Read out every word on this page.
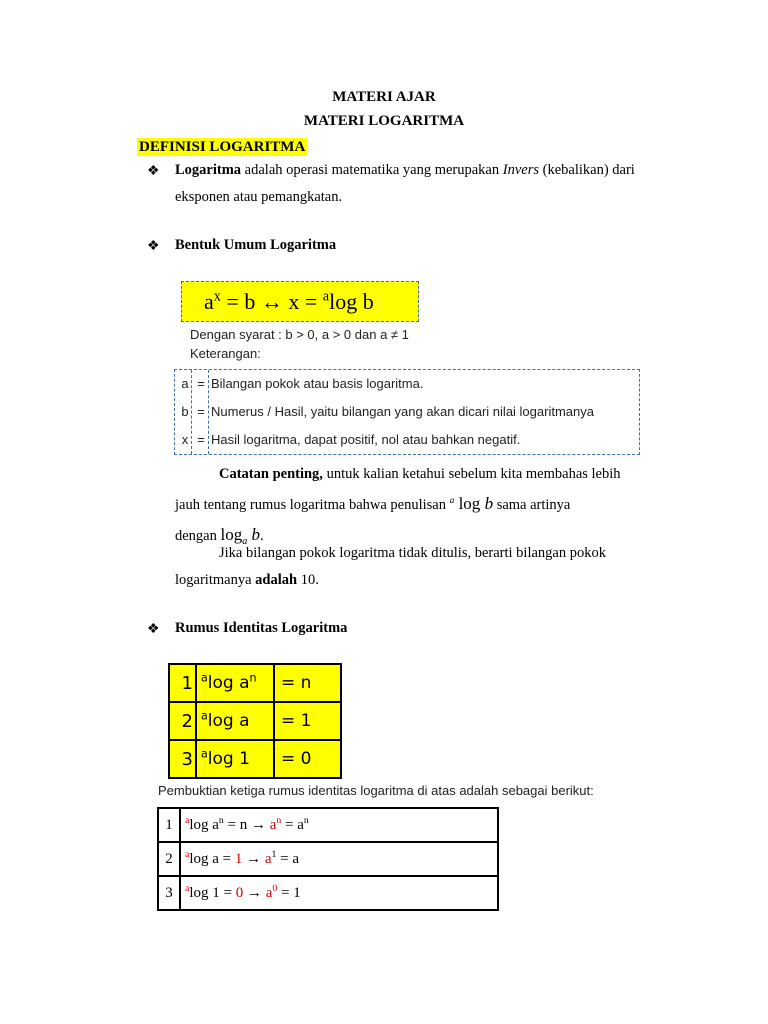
MATERI AJAR
MATERI LOGARITMA
DEFINISI LOGARITMA
❖ Logaritma adalah operasi matematika yang merupakan Invers (kebalikan) dari
eksponen atau pemangkatan.
❖ Bentuk Umum Logaritma
$a^x = b$ ↔ x = $^a$log b
Dengan syarat : b > 0, a > 0 dan a ≠ 1
Keterangan:
a = Bilangan pokok atau basis logaritma.
b = Numerus / Hasil, yaitu bilangan yang akan dicari nilai logaritmanya
x = Hasil logaritma, dapat positif, nol atau bahkan negatif.
Catatan penting, untuk kalian ketahui sebelum kita membahas lebih
jauh tentang rumus logaritma bahwa penulisan $^a$ log b sama artinya
dengan $\log_a b$.
Jika bilangan pokok logaritma tidak ditulis, berarti bilangan pokok
logaritmanya adalah 10.
❖ Rumus Identitas Logaritma
1	$^a$log $a^n$	= n
2	$^a$log a	= 1
3	$^a$log 1	= 0
Pembuktian ketiga rumus identitas logaritma di atas adalah sebagai berikut:
1	$^a$log $a^n = n \to a^n = a^n$
2	$^a$log $a = 1 \to a^1 = a$
3	$^a$log $1 = 0 \to a^0 = 1$
